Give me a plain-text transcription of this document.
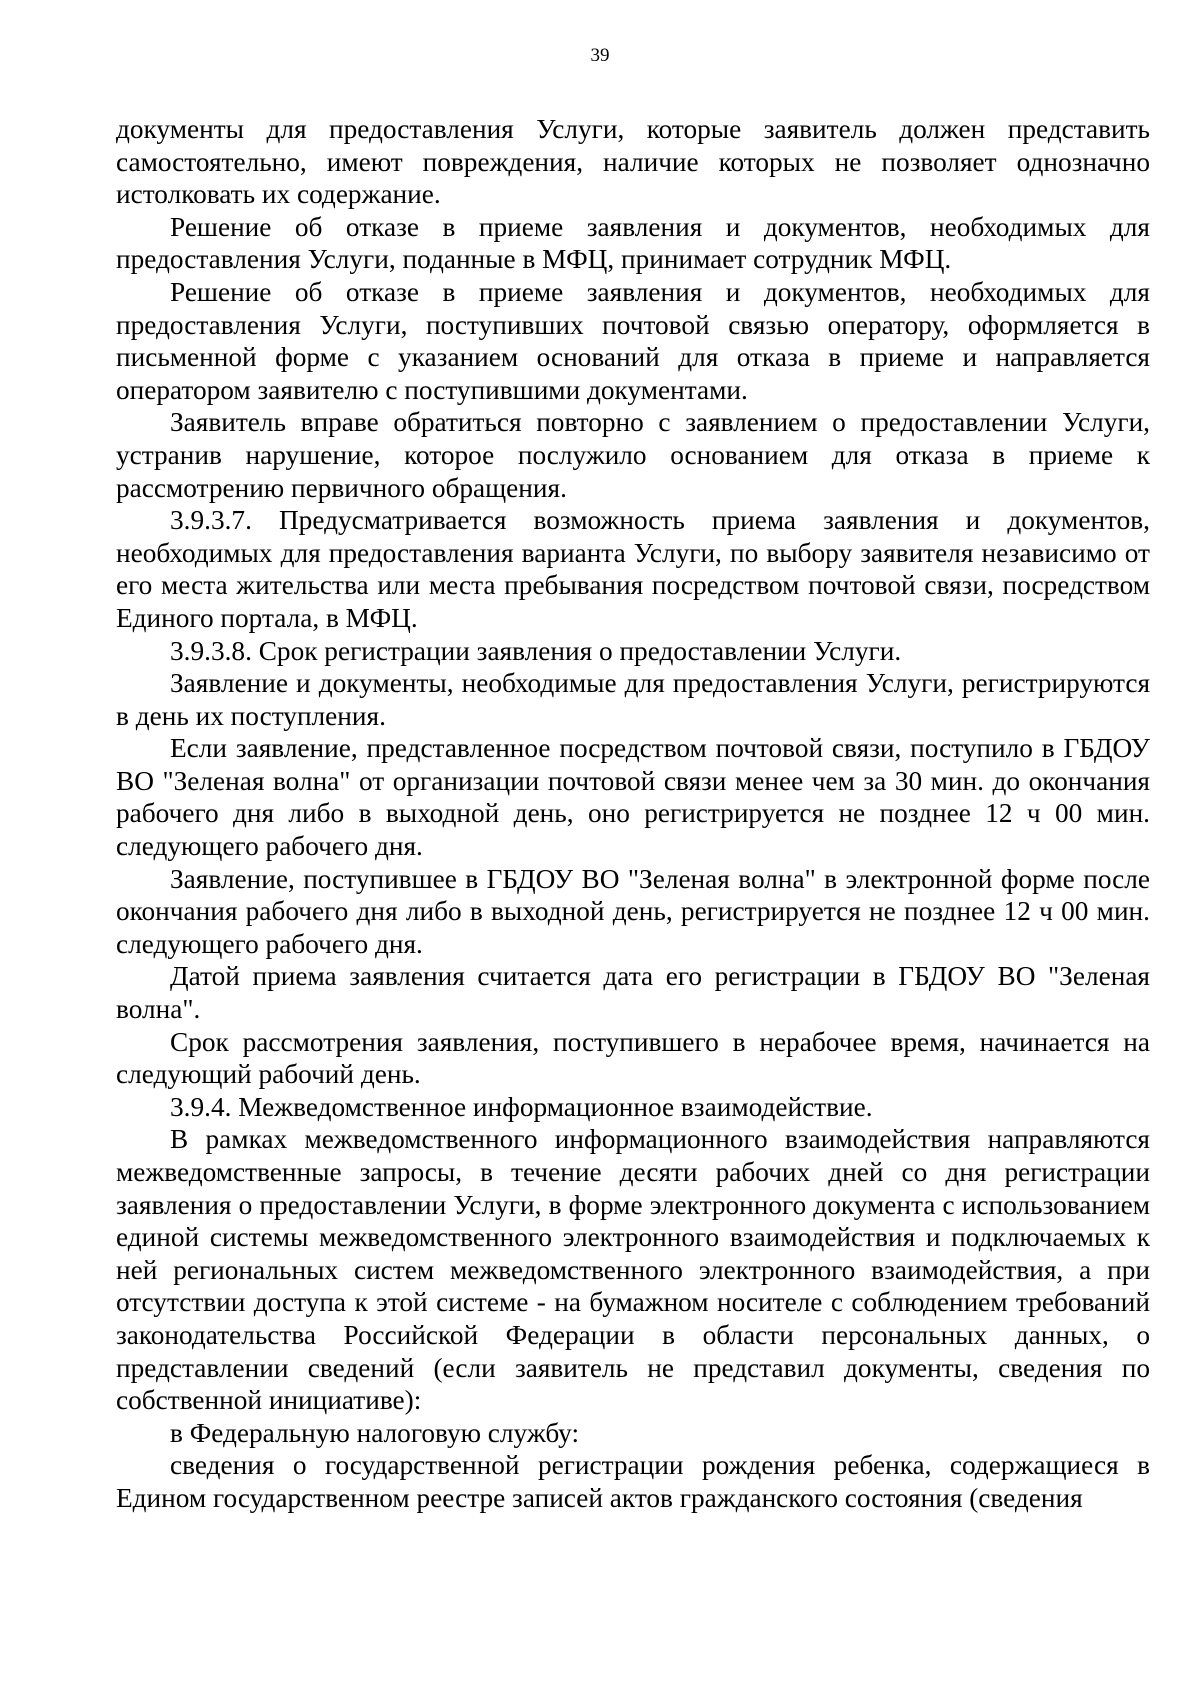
39

документы для предоставления Услуги, которые заявитель должен представить самостоятельно, имеют повреждения, наличие которых не позволяет однозначно истолковать их содержание.

Решение об отказе в приеме заявления и документов, необходимых для предоставления Услуги, поданные в МФЦ, принимает сотрудник МФЦ.

Решение об отказе в приеме заявления и документов, необходимых для предоставления Услуги, поступивших почтовой связью оператору, оформляется в письменной форме с указанием оснований для отказа в приеме и направляется оператором заявителю с поступившими документами.

Заявитель вправе обратиться повторно с заявлением о предоставлении Услуги, устранив нарушение, которое послужило основанием для отказа в приеме к рассмотрению первичного обращения.

3.9.3.7. Предусматривается возможность приема заявления и документов, необходимых для предоставления варианта Услуги, по выбору заявителя независимо от его места жительства или места пребывания посредством почтовой связи, посредством Единого портала, в МФЦ.

3.9.3.8. Срок регистрации заявления о предоставлении Услуги.

Заявление и документы, необходимые для предоставления Услуги, регистрируются в день их поступления.

Если заявление, представленное посредством почтовой связи, поступило в ГБДОУ ВО "Зеленая волна" от организации почтовой связи менее чем за 30 мин. до окончания рабочего дня либо в выходной день, оно регистрируется не позднее 12 ч 00 мин. следующего рабочего дня.

Заявление, поступившее в ГБДОУ ВО "Зеленая волна" в электронной форме после окончания рабочего дня либо в выходной день, регистрируется не позднее 12 ч 00 мин. следующего рабочего дня.

Датой приема заявления считается дата его регистрации в ГБДОУ ВО "Зеленая волна".

Срок рассмотрения заявления, поступившего в нерабочее время, начинается на следующий рабочий день.

3.9.4. Межведомственное информационное взаимодействие.

В рамках межведомственного информационного взаимодействия направляются межведомственные запросы, в течение десяти рабочих дней со дня регистрации заявления о предоставлении Услуги, в форме электронного документа с использованием единой системы межведомственного электронного взаимодействия и подключаемых к ней региональных систем межведомственного электронного взаимодействия, а при отсутствии доступа к этой системе - на бумажном носителе с соблюдением требований законодательства Российской Федерации в области персональных данных, о представлении сведений (если заявитель не представил документы, сведения по собственной инициативе):

в Федеральную налоговую службу:

сведения о государственной регистрации рождения ребенка, содержащиеся в Едином государственном реестре записей актов гражданского состояния (сведения
